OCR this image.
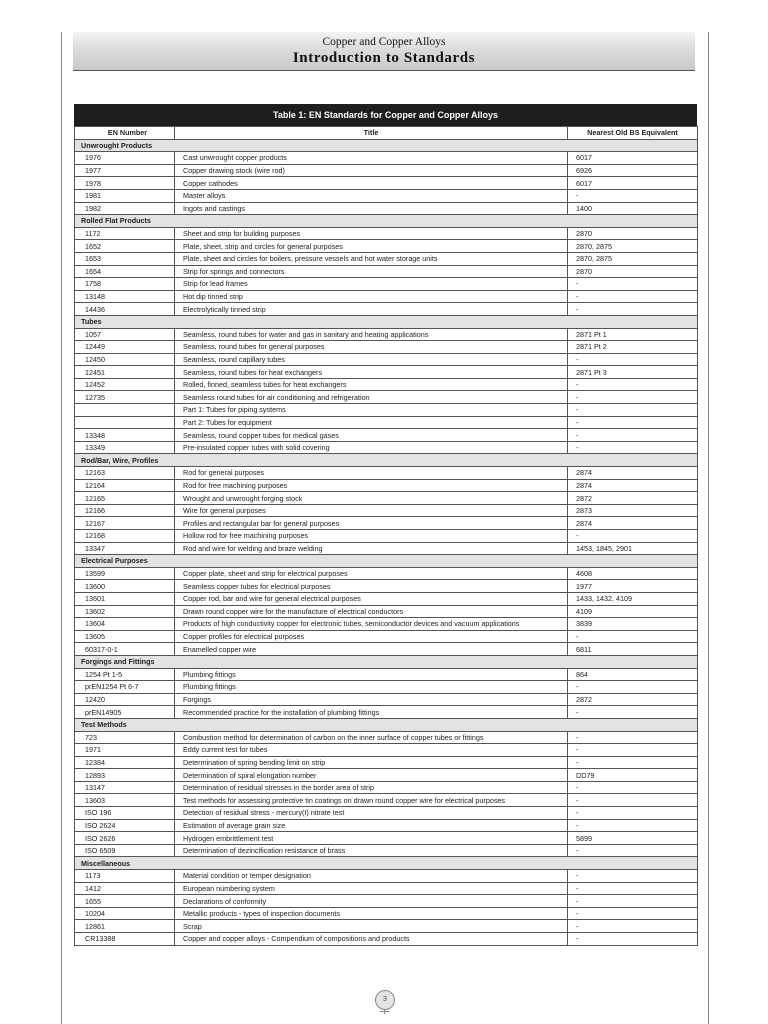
Copper and Copper Alloys
Introduction to Standards
Table 1: EN Standards for Copper and Copper Alloys
EN Number	Title	Nearest Old BS Equivalent
Unwrought Products		
1976	Cast unwrought copper products	6017
1977	Copper drawing stock (wire rod)	6926
1978	Copper cathodes	6017
1981	Master alloys	-
1982	Ingots and castings	1400
Rolled Flat Products		
1172	Sheet and strip for building purposes	2870
1652	Plate, sheet, strip and circles for general purposes	2870, 2875
1653	Plate, sheet and circles for boilers, pressure vessels and hot water storage units	2870, 2875
1654	Strip for springs and connectors	2870
1758	Strip for lead frames	-
13148	Hot dip tinned strip	-
14436	Electrolytically tinned strip	-
Tubes		
1057	Seamless, round tubes for water and gas in sanitary and heating applications	2871 Pt 1
12449	Seamless, round tubes for general purposes	2871 Pt 2
12450	Seamless, round capillary tubes	-
12451	Seamless, round tubes for heat exchangers	2871 Pt 3
12452	Rolled, finned, seamless tubes for heat exchangers	-
12735	Seamless round tubes for air conditioning and refrigeration	-
	Part 1: Tubes for piping systems	-
	Part 2: Tubes for equipment	-
13348	Seamless, round copper tubes for medical gases	-
13349	Pre-insulated copper tubes with solid covering	-
Rod/Bar, Wire, Profiles		
12163	Rod for general purposes	2874
12164	Rod for free machining purposes	2874
12165	Wrought and unwrought forging stock	2872
12166	Wire for general purposes	2873
12167	Profiles and rectangular bar for general purposes	2874
12168	Hollow rod for free machining purposes	-
13347	Rod and wire for welding and braze welding	1453, 1845, 2901
Electrical Purposes		
13599	Copper plate, sheet and strip for electrical purposes	4608
13600	Seamless copper tubes for electrical purposes	1977
13601	Copper rod, bar and wire for general electrical purposes	1433, 1432, 4109
13602	Drawn round copper wire for the manufacture of electrical conductors	4109
13604	Products of high conductivity copper for electronic tubes, semiconductor devices and vacuum applications	3839
13605	Copper profiles for electrical purposes	-
60317-0-1	Enamelled copper wire	6811
Forgings and Fittings		
1254 Pt 1-5	Plumbing fittings	864
prEN1254 Pt 6-7	Plumbing fittings	-
12420	Forgings	2872
prEN14905	Recommended practice for the installation of plumbing fittings	-
Test Methods		
723	Combustion method for determination of carbon on the inner surface of copper tubes or fittings	-
1971	Eddy current test for tubes	-
12384	Determination of spring bending limit on strip	-
12893	Determination of spiral elongation number	DD79
13147	Determination of residual stresses in the border area of strip	-
13603	Test methods for assessing protective tin coatings on drawn round copper wire for electrical purposes	-
ISO 196	Detection of residual stress - mercury(I) nitrate test	-
ISO 2624	Estimation of average grain size	-
ISO 2626	Hydrogen embrittlement test	5899
ISO 6509	Determination of dezincification resistance of brass	-
Miscellaneous		
1173	Material condition or temper designation	-
1412	European numbering system	-
1655	Declarations of conformity	-
10204	Metallic products - types of inspection documents	-
12861	Scrap	-
CR13388	Copper and copper alloys - Compendium of compositions and products	-
3
